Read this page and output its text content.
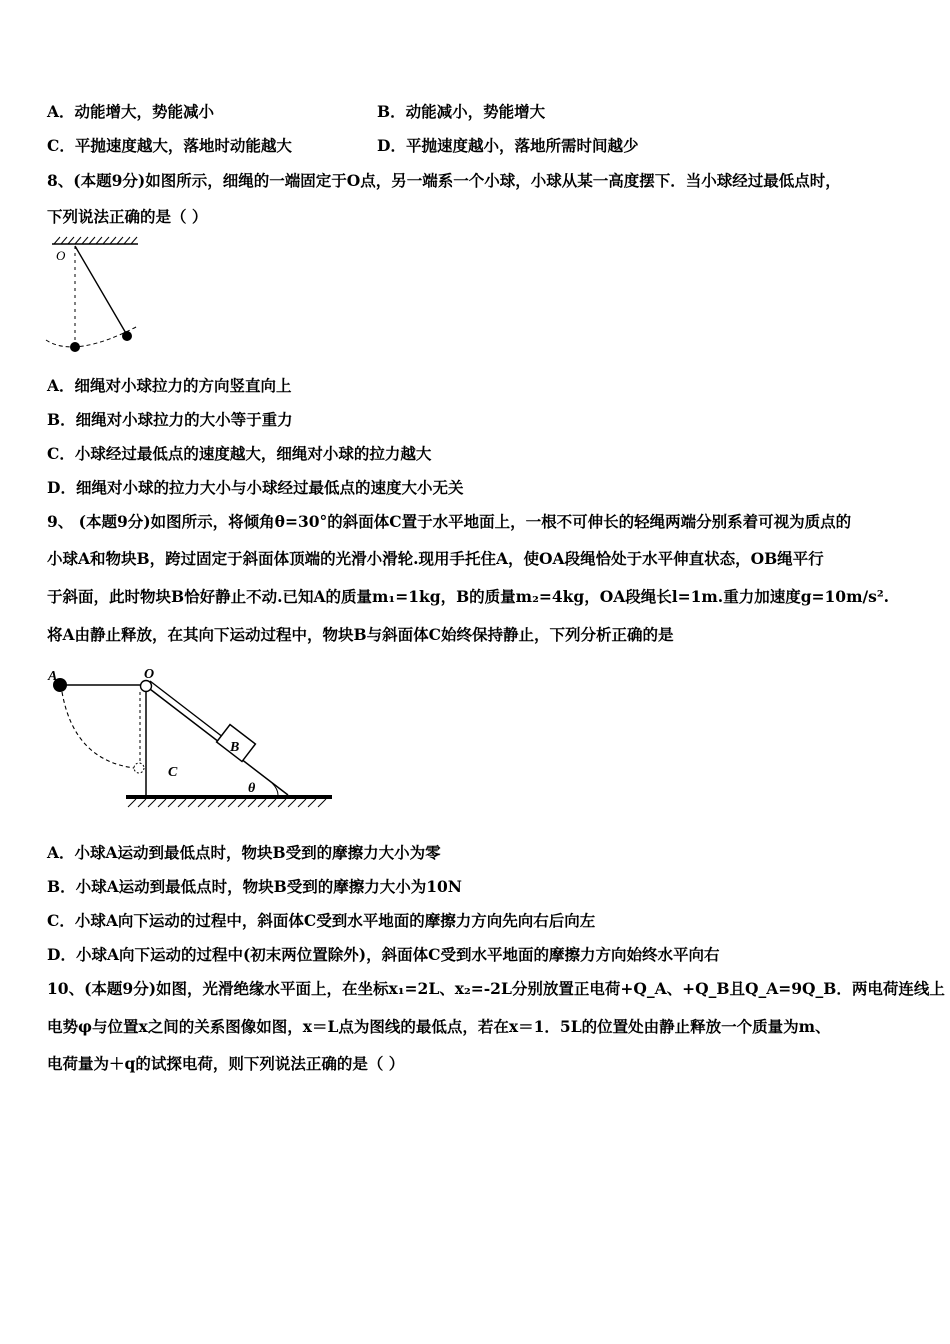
A．动能增大，势能减小	B．动能减小，势能增大
C．平抛速度越大，落地时动能越大	D．平抛速度越小，落地所需时间越少
8、(本题9分)如图所示，细绳的一端固定于O点，另一端系一个小球，小球从某一高度摆下．当小球经过最低点时，
下列说法正确的是（ ）
O
A．细绳对小球拉力的方向竖直向上
B．细绳对小球拉力的大小等于重力
C．小球经过最低点的速度越大，细绳对小球的拉力越大
D．细绳对小球的拉力大小与小球经过最低点的速度大小无关
9、 (本题9分)如图所示，将倾角θ=30°的斜面体C置于水平地面上，一根不可伸长的轻绳两端分别系着可视为质点的
小球A和物块B，跨过固定于斜面体顶端的光滑小滑轮.现用手托住A，使OA段绳恰处于水平伸直状态，OB绳平行
于斜面，此时物块B恰好静止不动.已知A的质量m₁=1kg，B的质量m₂=4kg，OA段绳长l=1m.重力加速度g=10m/s².
将A由静止释放，在其向下运动过程中，物块B与斜面体C始终保持静止，下列分析正确的是
A	O
B
C
θ
A．小球A运动到最低点时，物块B受到的摩擦力大小为零
B．小球A运动到最低点时，物块B受到的摩擦力大小为10N
C．小球A向下运动的过程中，斜面体C受到水平地面的摩擦力方向先向右后向左
D．小球A向下运动的过程中(初末两位置除外)，斜面体C受到水平地面的摩擦力方向始终水平向右
10、(本题9分)如图，光滑绝缘水平面上，在坐标x₁=2L、x₂=-2L分别放置正电荷+Q_A、+Q_B且Q_A=9Q_B．两电荷连线上
电势φ与位置x之间的关系图像如图，x＝L点为图线的最低点，若在x＝1．5L的位置处由静止释放一个质量为m、
电荷量为＋q的试探电荷，则下列说法正确的是（ ）
